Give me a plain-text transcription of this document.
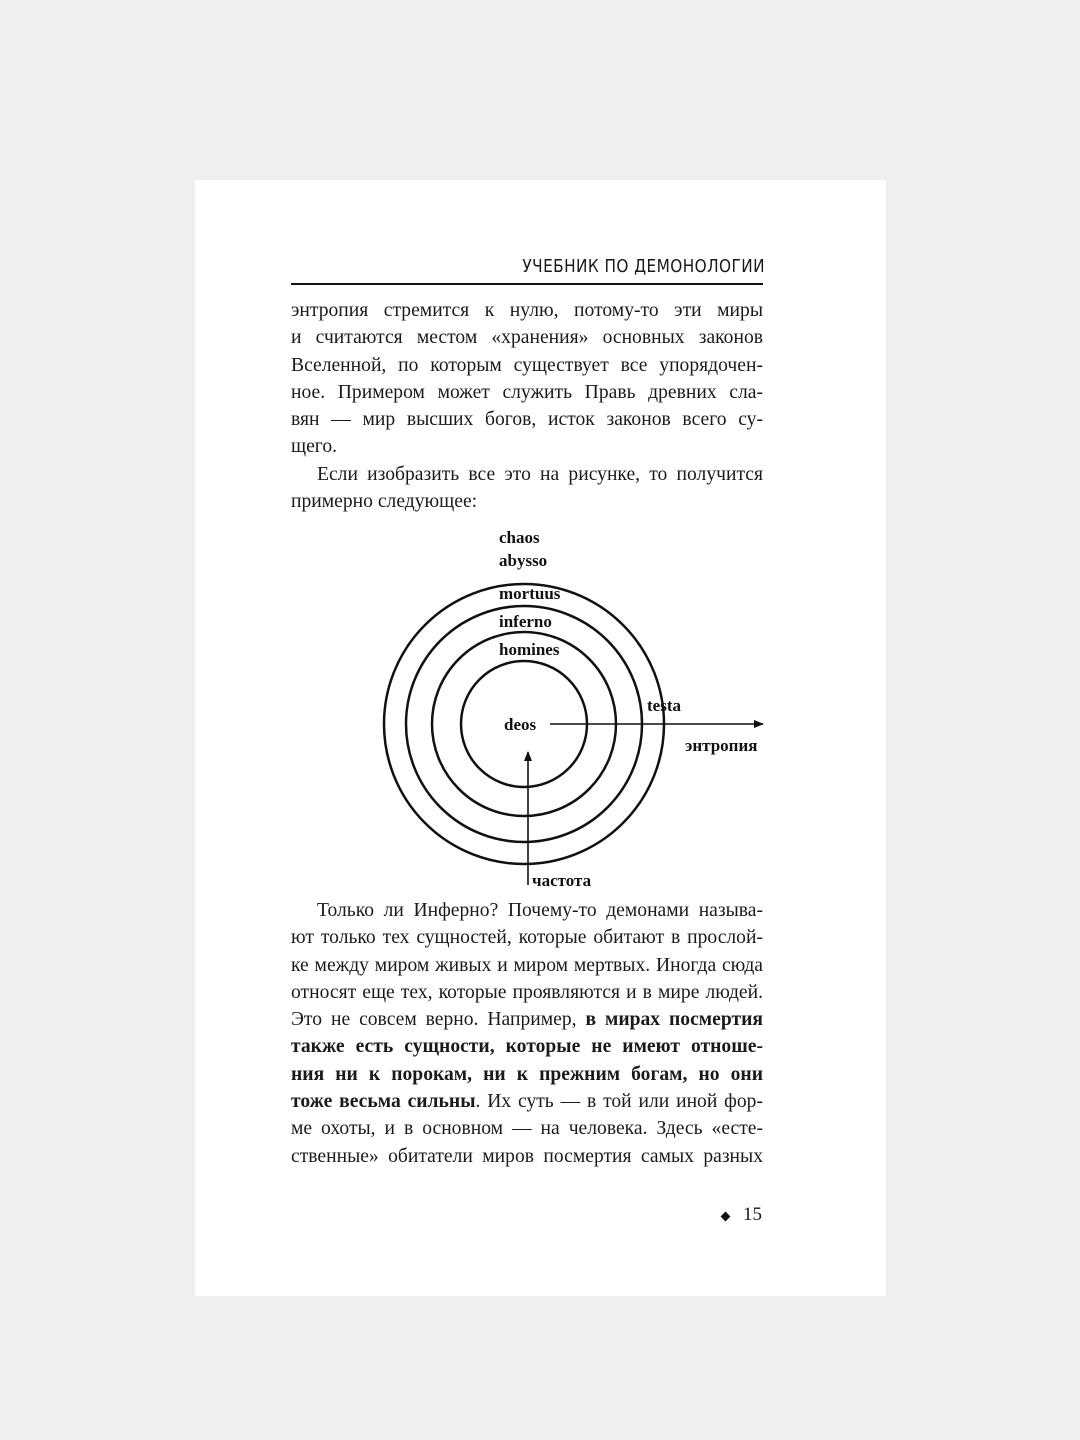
УЧЕБНИК ПО ДЕМОНОЛОГИИ
энтропия стремится к нулю, потому-то эти миры
и считаются местом «хранения» основных законов
Вселенной, по которым существует все упорядочен-
ное. Примером может служить Правь древних сла-
вян — мир высших богов, исток законов всего су-
щего.
Если изобразить все это на рисунке, то получится
примерно следующее:
chaos
abysso
mortuus
inferno
homines
testa
deos
энтропия
частота
Только ли Инферно? Почему-то демонами называ-
ют только тех сущностей, которые обитают в прослой-
ке между миром живых и миром мертвых. Иногда сюда
относят еще тех, которые проявляются и в мире людей.
Это не совсем верно. Например, в мирах посмертия
также есть сущности, которые не имеют отноше-
ния ни к порокам, ни к прежним богам, но они
тоже весьма сильны. Их суть — в той или иной фор-
ме охоты, и в основном — на человека. Здесь «есте-
ственные» обитатели миров посмертия самых разных
15
